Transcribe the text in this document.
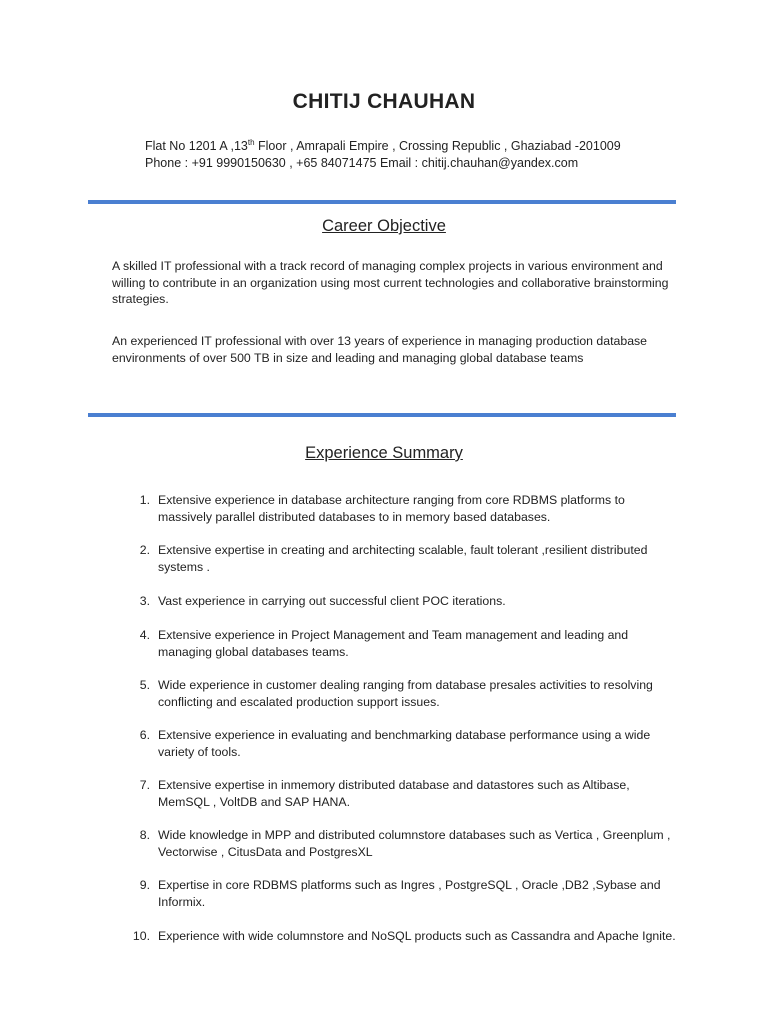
CHITIJ CHAUHAN
Flat No 1201 A ,13th Floor , Amrapali Empire , Crossing Republic , Ghaziabad -201009
Phone : +91 9990150630 , +65 84071475 Email : chitij.chauhan@yandex.com
Career Objective

A skilled IT professional with a track record of managing complex projects in various environment and willing to contribute in an organization using most current technologies and collaborative brainstorming strategies.

An experienced IT professional with over 13 years of experience in managing production database environments of over 500 TB in size and leading and managing global database teams

Experience Summary
1. Extensive experience in database architecture ranging from core RDBMS platforms to massively parallel distributed databases to in memory based databases.
2. Extensive expertise in creating and architecting scalable, fault tolerant ,resilient distributed systems .
3. Vast experience in carrying out successful client POC iterations.
4. Extensive experience in Project Management and Team management and leading and managing global databases teams.
5. Wide experience in customer dealing ranging from database presales activities to resolving conflicting and escalated production support issues.
6. Extensive experience in evaluating and benchmarking database performance using a wide variety of tools.
7. Extensive expertise in inmemory distributed database and datastores such as Altibase, MemSQL , VoltDB and SAP HANA.
8. Wide knowledge in MPP and distributed columnstore databases such as Vertica , Greenplum , Vectorwise , CitusData and PostgresXL
9. Expertise in core RDBMS platforms such as Ingres , PostgreSQL , Oracle ,DB2 ,Sybase and Informix.
10. Experience with wide columnstore and NoSQL products such as Cassandra and Apache Ignite.
